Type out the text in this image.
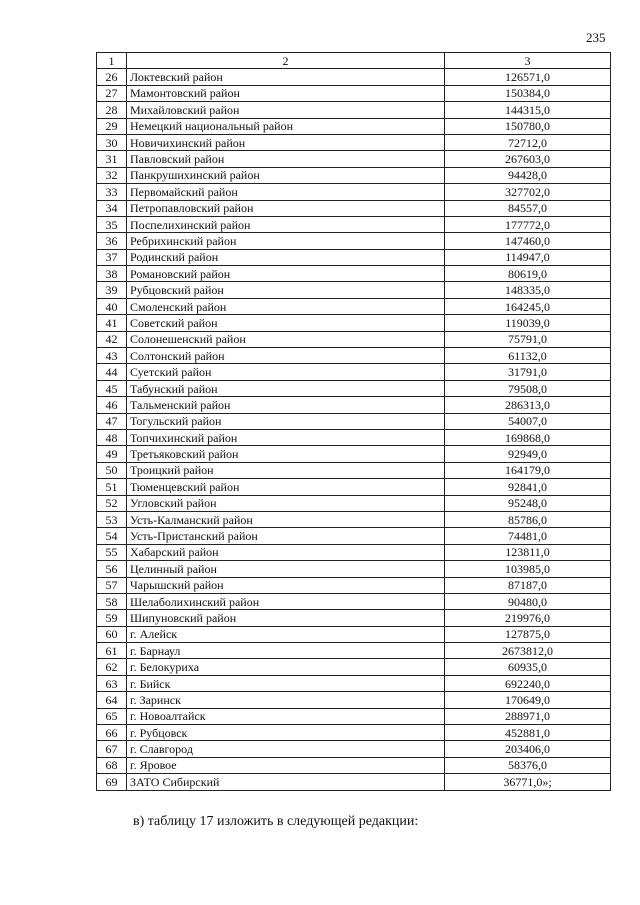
235
1	2	3
26	Локтевский район	126571,0
27	Мамонтовский район	150384,0
28	Михайловский район	144315,0
29	Немецкий национальный район	150780,0
30	Новичихинский район	72712,0
31	Павловский район	267603,0
32	Панкрушихинский район	94428,0
33	Первомайский район	327702,0
34	Петропавловский район	84557,0
35	Поспелихинский район	177772,0
36	Ребрихинский район	147460,0
37	Родинский район	114947,0
38	Романовский район	80619,0
39	Рубцовский район	148335,0
40	Смоленский район	164245,0
41	Советский район	119039,0
42	Солонешенский район	75791,0
43	Солтонский район	61132,0
44	Суетский район	31791,0
45	Табунский район	79508,0
46	Тальменский район	286313,0
47	Тогульский район	54007,0
48	Топчихинский район	169868,0
49	Третьяковский район	92949,0
50	Троицкий район	164179,0
51	Тюменцевский район	92841,0
52	Угловский район	95248,0
53	Усть-Калманский район	85786,0
54	Усть-Пристанский район	74481,0
55	Хабарский район	123811,0
56	Целинный район	103985,0
57	Чарышский район	87187,0
58	Шелаболихинский район	90480,0
59	Шипуновский район	219976,0
60	г. Алейск	127875,0
61	г. Барнаул	2673812,0
62	г. Белокуриха	60935,0
63	г. Бийск	692240,0
64	г. Заринск	170649,0
65	г. Новоалтайск	288971,0
66	г. Рубцовск	452881,0
67	г. Славгород	203406,0
68	г. Яровое	58376,0
69	ЗАТО Сибирский	36771,0»;
в) таблицу 17 изложить в следующей редакции:
